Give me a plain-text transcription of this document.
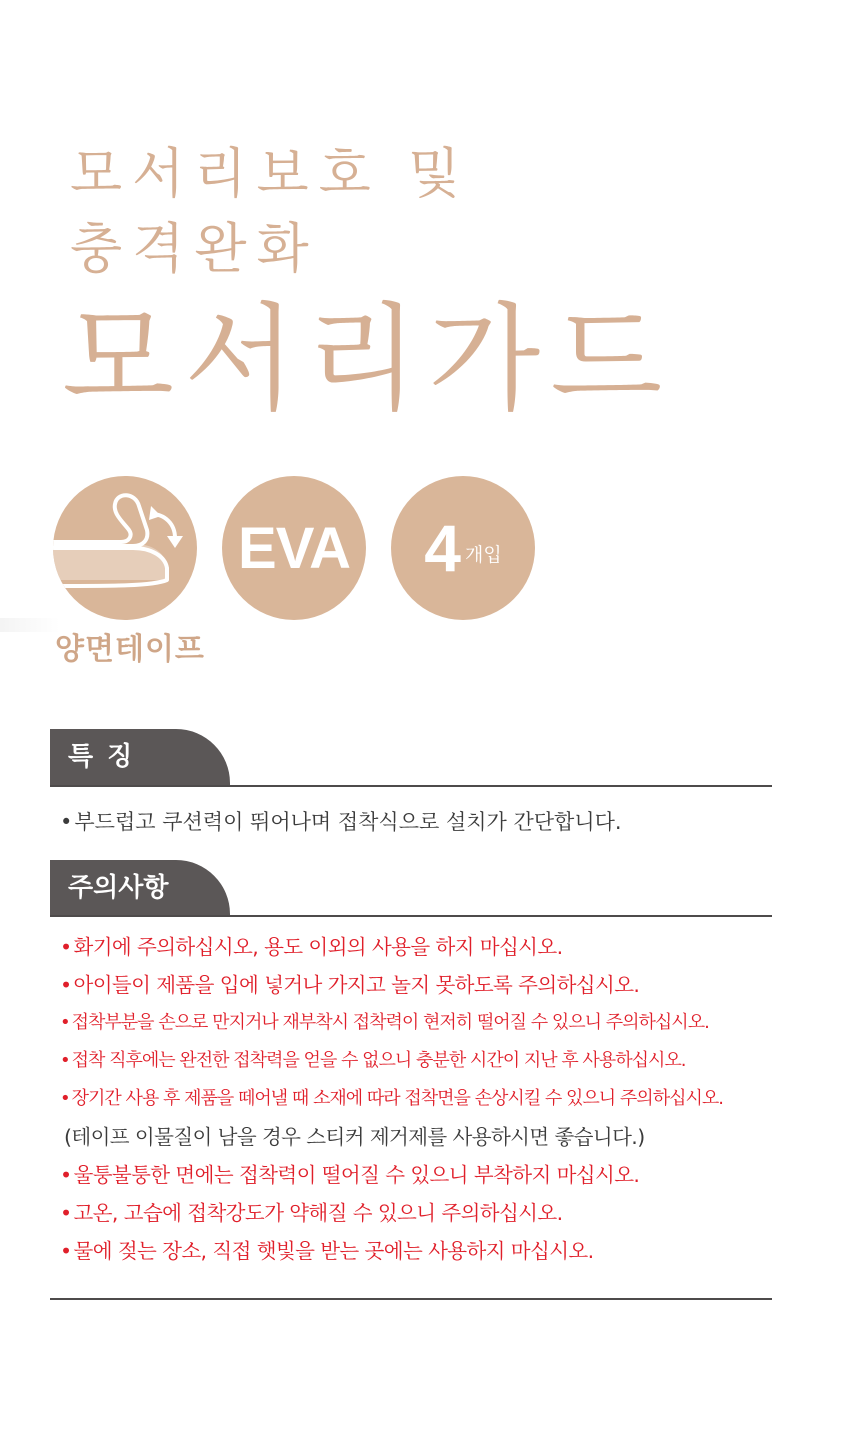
모서리보호 및
충격완화
모서리가드
EVA 4 개입
양면테이프
특징
•부드럽고 쿠션력이 뛰어나며 접착식으로 설치가 간단합니다.
주의사항
•화기에 주의하십시오, 용도 이외의 사용을 하지 마십시오.
•아이들이 제품을 입에 넣거나 가지고 놀지 못하도록 주의하십시오.
• 접착부분을 손으로 만지거나 재부착시 접착력이 현저히 떨어질 수 있으니 주의하십시오.
• 접착 직후에는 완전한 접착력을 얻을 수 없으니 충분한 시간이 지난 후 사용하십시오.
• 장기간 사용 후 제품을 떼어낼 때 소재에 따라 접착면을 손상시킬 수 있으니 주의하십시오.
(테이프 이물질이 남을 경우 스티커 제거제를 사용하시면 좋습니다.)
•울퉁불퉁한 면에는 접착력이 떨어질 수 있으니 부착하지 마십시오.
•고온, 고습에 접착강도가 약해질 수 있으니 주의하십시오.
•물에 젖는 장소, 직접 햇빛을 받는 곳에는 사용하지 마십시오.
